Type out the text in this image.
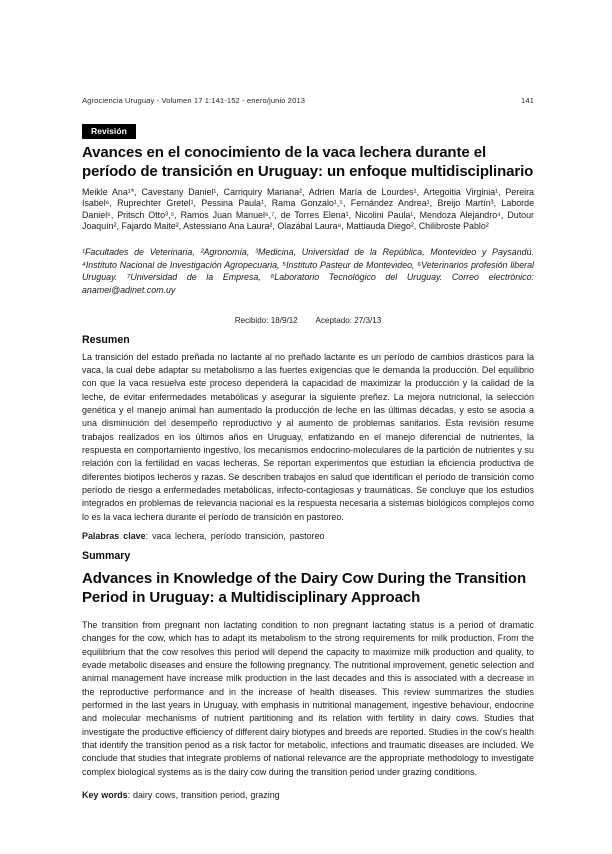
Agrociencia Uruguay - Volumen 17 1:141-152 - enero/junio 2013	141
Revisión
Avances en el conocimiento de la vaca lechera durante el período de transición en Uruguay: un enfoque multidisciplinario

Meikle Ana¹*, Cavestany Daniel¹, Carriquiry Mariana², Adrien María de Lourdes¹, Artegoitia Virginia¹, Pereira Isabel⁶, Ruprechter Gretel¹, Pessina Paula¹, Rama Gonzalo¹,⁵, Fernández Andrea¹, Breijo Martín³, Laborde Daniel⁶, Pritsch Otto³,⁵, Ramos Juan Manuel⁶,⁷, de Torres Elena¹, Nicolini Paula¹, Mendoza Alejandro⁴, Dutour Joaquín², Fajardo Maite², Astessiano Ana Laura², Olazábal Laura⁸, Mattiauda Diego², Chilibroste Pablo²

¹Facultades de Veterinaria, ²Agronomía, ³Medicina, Universidad de la República, Montevideo y Paysandú. ⁴Instituto Nacional de Investigación Agropecuaria, ⁵Instituto Pasteur de Montevideo, ⁶Veterinarios profesión liberal Uruguay. ⁷Universidad de la Empresa, ⁸Laboratorio Tecnológico del Uruguay. Correo electrónico: anamei@adinet.com.uy

Recibido: 18/9/12 Aceptado: 27/3/13

Resumen

La transición del estado preñada no lactante al no preñado lactante es un período de cambios drásticos para la vaca, la cual debe adaptar su metabolismo a las fuertes exigencias que le demanda la producción. Del equilibrio con que la vaca resuelva este proceso dependerá la capacidad de maximizar la producción y la calidad de la leche, de evitar enfermedades metabólicas y asegurar la siguiente preñez. La mejora nutricional, la selección genética y el manejo animal han aumentado la producción de leche en las últimas décadas, y esto se asocia a una disminución del desempeño reproductivo y al aumento de problemas sanitarios. Esta revisión resume trabajos realizados en los últimos años en Uruguay, enfatizando en el manejo diferencial de nutrientes, la respuesta en comportamiento ingestivo, los mecanismos endocrino-moleculares de la partición de nutrientes y su relación con la fertilidad en vacas lecheras. Se reportan experimentos que estudian la eficiencia productiva de diferentes biotipos lecheros y razas. Se describen trabajos en salud que identifican el período de transición como período de riesgo a enfermedades metabólicas, infecto-contagiosas y traumáticas. Se concluye que los estudios integrados en problemas de relevancia nacional es la respuesta necesaria a sistemas biológicos complejos como lo es la vaca lechera durante el período de transición en pastoreo.

Palabras clave: vaca lechera, período transición, pastoreo

Summary
Advances in Knowledge of the Dairy Cow During the Transition Period in Uruguay: a Multidisciplinary Approach

The transition from pregnant non lactating condition to non pregnant lactating status is a period of dramatic changes for the cow, which has to adapt its metabolism to the strong requirements for milk production. From the equilibrium that the cow resolves this period will depend the capacity to maximize milk production and quality, to evade metabolic diseases and ensure the following pregnancy. The nutritional improvement, genetic selection and animal management have increase milk production in the last decades and this is associated with a decrease in the reproductive performance and in the increase of health diseases. This review summarizes the studies performed in the last years in Uruguay, with emphasis in nutritional management, ingestive behaviour, endocrine and molecular mechanisms of nutrient partitioning and its relation with fertility in dairy cows. Studies that investigate the productive efficiency of different dairy biotypes and breeds are reported. Studies in the cow's health that identify the transition period as a risk factor for metabolic, infections and traumatic diseases are included. We conclude that studies that integrate problems of national relevance are the appropriate methodology to investigate complex biological systems as is the dairy cow during the transition period under grazing conditions.

Key words: dairy cows, transition period, grazing
